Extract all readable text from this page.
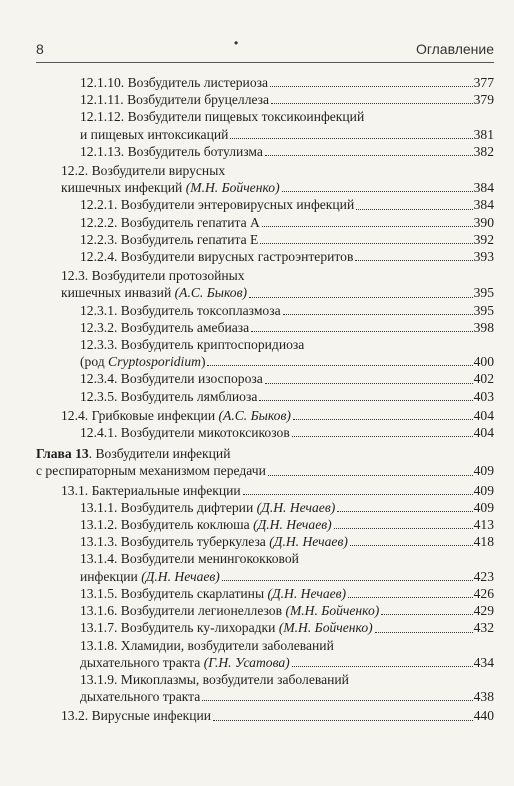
8	•	Оглавление
12.1.10. Возбудитель листериоза	377
12.1.11. Возбудители бруцеллеза	379
12.1.12. Возбудители пищевых токсикоинфекций
и пищевых интоксикаций	381
12.1.13. Возбудитель ботулизма	382
12.2. Возбудители вирусных
кишечных инфекций (М.Н. Бойченко)	384
12.2.1. Возбудители энтеровирусных инфекций	384
12.2.2. Возбудитель гепатита А	390
12.2.3. Возбудитель гепатита Е	392
12.2.4. Возбудители вирусных гастроэнтеритов	393
12.3. Возбудители протозойных
кишечных инвазий (А.С. Быков)	395
12.3.1. Возбудитель токсоплазмоза	395
12.3.2. Возбудитель амебиаза	398
12.3.3. Возбудитель криптоспоридиоза
(род Cryptosporidium)	400
12.3.4. Возбудители изоспороза	402
12.3.5. Возбудитель лямблиоза	403
12.4. Грибковые инфекции (А.С. Быков)	404
12.4.1. Возбудители микотоксикозов	404
Глава 13. Возбудители инфекций
с респираторным механизмом передачи	409
13.1. Бактериальные инфекции	409
13.1.1. Возбудитель дифтерии (Д.Н. Нечаев)	409
13.1.2. Возбудитель коклюша (Д.Н. Нечаев)	413
13.1.3. Возбудитель туберкулеза (Д.Н. Нечаев)	418
13.1.4. Возбудители менингококковой
инфекции (Д.Н. Нечаев)	423
13.1.5. Возбудитель скарлатины (Д.Н. Нечаев)	426
13.1.6. Возбудители легионеллезов (М.Н. Бойченко)	429
13.1.7. Возбудитель ку-лихорадки (М.Н. Бойченко)	432
13.1.8. Хламидии, возбудители заболеваний
дыхательного тракта (Г.Н. Усатова)	434
13.1.9. Микоплазмы, возбудители заболеваний
дыхательного тракта	438
13.2. Вирусные инфекции	440
